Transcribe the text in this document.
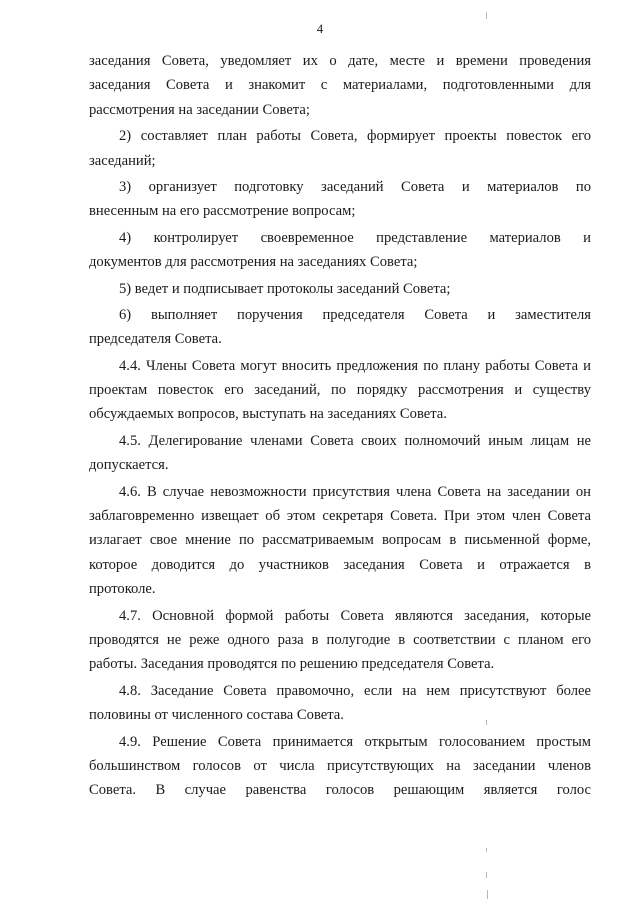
4
заседания Совета, уведомляет их о дате, месте и времени проведения
заседания Совета и знакомит с материалами, подготовленными для
рассмотрения на заседании Совета;
2) составляет план работы Совета, формирует проекты повесток его
заседаний;
3) организует подготовку заседаний Совета и материалов по
внесенным на его рассмотрение вопросам;
4) контролирует своевременное представление материалов и
документов для рассмотрения на заседаниях Совета;
5) ведет и подписывает протоколы заседаний Совета;
6) выполняет поручения председателя Совета и заместителя
председателя Совета.
4.4. Члены Совета могут вносить предложения по плану работы Совета и
проектам повесток его заседаний, по порядку рассмотрения и существу
обсуждаемых вопросов, выступать на заседаниях Совета.
4.5. Делегирование членами Совета своих полномочий иным лицам не
допускается.
4.6. В случае невозможности присутствия члена Совета на заседании он
заблаговременно извещает об этом секретаря Совета. При этом член Совета
излагает свое мнение по рассматриваемым вопросам в письменной форме,
которое доводится до участников заседания Совета и отражается в
протоколе.
4.7. Основной формой работы Совета являются заседания, которые
проводятся не реже одного раза в полугодие в соответствии с планом его
работы. Заседания проводятся по решению председателя Совета.
4.8. Заседание Совета правомочно, если на нем присутствуют более
половины от численного состава Совета.
4.9. Решение Совета принимается открытым голосованием простым
большинством голосов от числа присутствующих на заседании членов
Совета. В случае равенства голосов решающим является голос
